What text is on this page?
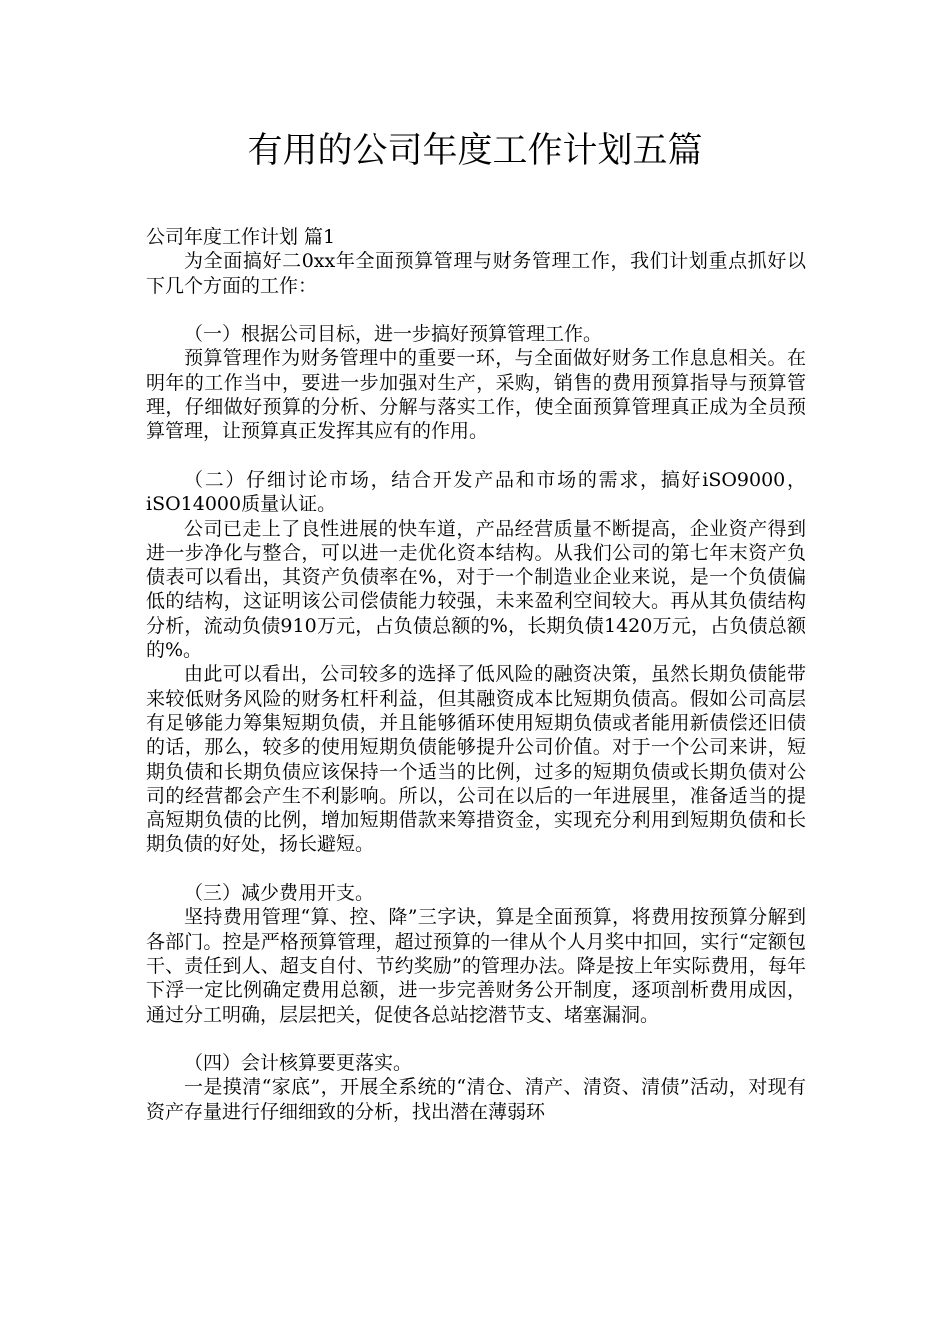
有用的公司年度工作计划五篇

公司年度工作计划 篇1

为全面搞好二0xx年全面预算管理与财务管理工作，我们计划重点抓好以下几个方面的工作：

（一）根据公司目标，进一步搞好预算管理工作。

预算管理作为财务管理中的重要一环，与全面做好财务工作息息相关。在明年的工作当中，要进一步加强对生产，采购，销售的费用预算指导与预算管理，仔细做好预算的分析、分解与落实工作，使全面预算管理真正成为全员预算管理，让预算真正发挥其应有的作用。

（二）仔细讨论市场，结合开发产品和市场的需求，搞好iSO9000，iSO14000质量认证。

公司已走上了良性进展的快车道，产品经营质量不断提高，企业资产得到进一步净化与整合，可以进一走优化资本结构。从我们公司的第七年末资产负债表可以看出，其资产负债率在%，对于一个制造业企业来说，是一个负债偏低的结构，这证明该公司偿债能力较强，未来盈利空间较大。再从其负债结构分析，流动负债910万元，占负债总额的%，长期负债1420万元，占负债总额的%。

由此可以看出，公司较多的选择了低风险的融资决策，虽然长期负债能带来较低财务风险的财务杠杆利益，但其融资成本比短期负债高。假如公司高层有足够能力筹集短期负债，并且能够循环使用短期负债或者能用新债偿还旧债的话，那么，较多的使用短期负债能够提升公司价值。对于一个公司来讲，短期负债和长期负债应该保持一个适当的比例，过多的短期负债或长期负债对公司的经营都会产生不利影响。所以，公司在以后的一年进展里，准备适当的提高短期负债的比例，增加短期借款来筹措资金，实现充分利用到短期负债和长期负债的好处，扬长避短。

（三）减少费用开支。

坚持费用管理“算、控、降”三字诀，算是全面预算，将费用按预算分解到各部门。控是严格预算管理，超过预算的一律从个人月奖中扣回，实行“定额包干、责任到人、超支自付、节约奖励”的管理办法。降是按上年实际费用，每年下浮一定比例确定费用总额，进一步完善财务公开制度，逐项剖析费用成因，通过分工明确，层层把关，促使各总站挖潜节支、堵塞漏洞。

（四）会计核算要更落实。

一是摸清“家底”，开展全系统的“清仓、清产、清资、清债”活动，对现有资产存量进行仔细细致的分析，找出潜在薄弱环
